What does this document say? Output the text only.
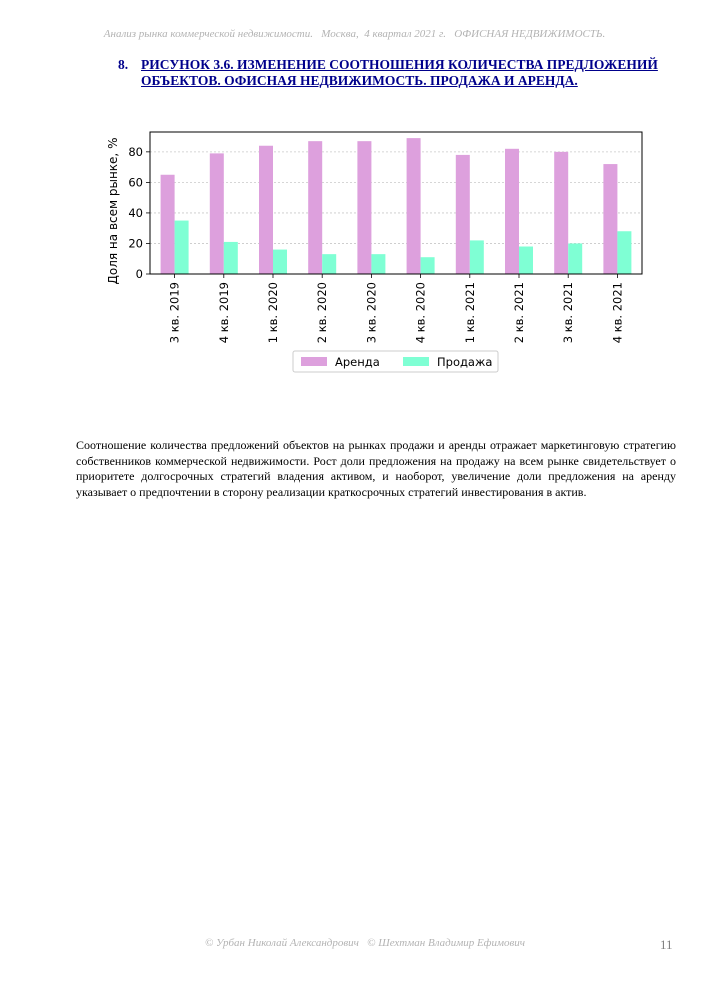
Анализ рынка коммерческой недвижимости.   Москва,  4 квартал 2021 г.   ОФИСНАЯ НЕДВИЖИМОСТЬ.
8. РИСУНОК 3.6. ИЗМЕНЕНИЕ СООТНОШЕНИЯ КОЛИЧЕСТВА ПРЕДЛОЖЕНИЙ ОБЪЕКТОВ. ОФИСНАЯ НЕДВИЖИМОСТЬ. ПРОДАЖА И АРЕНДА.
0
20
40
60
80
3 кв. 2019	4 кв. 2019	1 кв. 2020	2 кв. 2020	3 кв. 2020	4 кв. 2020	1 кв. 2021	2 кв. 2021	3 кв. 2021	4 кв. 2021
Доля на всем рынке, %
Аренда	Продажа
Соотношение количества предложений объектов на рынках продажи и аренды отражает маркетинговую стратегию собственников коммерческой недвижимости. Рост доли предложения на продажу на всем рынке свидетельствует о приоритете долгосрочных стратегий владения активом, и наоборот, увеличение доли предложения на аренду указывает о предпочтении в сторону реализации краткосрочных стратегий инвестирования в актив.
© Урбан Николай Александрович   © Шехтман Владимир Ефимович	11
